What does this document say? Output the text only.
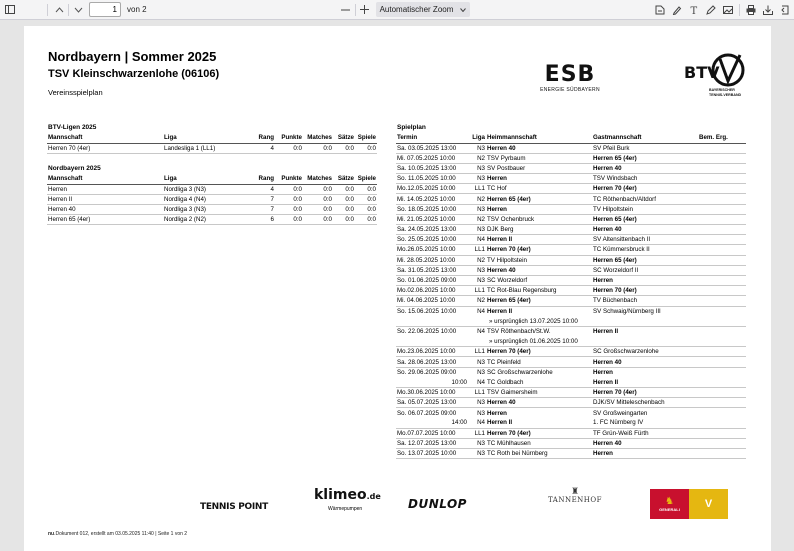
1
von 2	Automatischer Zoom	T
Nordbayern | Sommer 2025
TSV Kleinschwarzenlohe (06106)
Vereinsspielplan
ESB
ENERGIE SÜDBAYERN
BTV
BAYERISCHER
TENNIS-VERBAND
BTV-Ligen 2025
Mannschaft	Liga	Rang	Punkte	Matches	Sätze	Spiele
Herren 70 (4er)	Landesliga 1 (LL1)	4	0:0	0:0	0:0	0:0
Nordbayern 2025
Mannschaft	Liga	Rang	Punkte	Matches	Sätze	Spiele
Herren	Nordliga 3 (N3)	4	0:0	0:0	0:0	0:0
Herren II	Nordliga 4 (N4)	7	0:0	0:0	0:0	0:0
Herren 40	Nordliga 3 (N3)	7	0:0	0:0	0:0	0:0
Herren 65 (4er)	Nordliga 2 (N2)	6	0:0	0:0	0:0	0:0
Spielplan
Termin	Liga	Heimmannschaft	Gastmannschaft	Bem. Erg.
Sa. 03.05.2025 13:00	N3	Herren 40	SV Pfeil Burk	
Mi. 07.05.2025 10:00	N2	TSV Pyrbaum	Herren 65 (4er)	
Sa. 10.05.2025 13:00	N3	SV Postbauer	Herren 40	
So. 11.05.2025 10:00	N3	Herren	TSV Windsbach	
Mo.12.05.2025 10:00	LL1	TC Hof	Herren 70 (4er)	
Mi. 14.05.2025 10:00	N2	Herren 65 (4er)	TC Röthenbach/Altdorf	
So. 18.05.2025 10:00	N3	Herren	TV Hilpoltstein	
Mi. 21.05.2025 10:00	N2	TSV Ochenbruck	Herren 65 (4er)	
Sa. 24.05.2025 13:00	N3	DJK Berg	Herren 40	
So. 25.05.2025 10:00	N4	Herren II	SV Altensittenbach II	
Mo.26.05.2025 10:00	LL1	Herren 70 (4er)	TC Kümmersbruck II	
Mi. 28.05.2025 10:00	N2	TV Hilpoltstein	Herren 65 (4er)	
Sa. 31.05.2025 13:00	N3	Herren 40	SC Worzeldorf II	
So. 01.06.2025 09:00	N3	SC Worzeldorf	Herren	
Mo.02.06.2025 10:00	LL1	TC Rot-Blau Regensburg	Herren 70 (4er)	
Mi. 04.06.2025 10:00	N2	Herren 65 (4er)	TV Büchenbach	
So. 15.06.2025 10:00	N4	Herren II	SV Schwaig/Nürnberg III	
		» ursprünglich 13.07.2025 10:00		
So. 22.06.2025 10:00	N4	TSV Röthenbach/St.W.	Herren II	
		» ursprünglich 01.06.2025 10:00		
Mo.23.06.2025 10:00	LL1	Herren 70 (4er)	SC Großschwarzenlohe	
Sa. 28.06.2025 13:00	N3	TC Pleinfeld	Herren 40	
So. 29.06.2025 09:00	N3	SC Großschwarzenlohe	Herren	
10:00	N4	TC Goldbach	Herren II	
Mo.30.06.2025 10:00	LL1	TSV Gaimersheim	Herren 70 (4er)	
Sa. 05.07.2025 13:00	N3	Herren 40	DJK/SV Mitteleschenbach	
So. 06.07.2025 09:00	N3	Herren	SV Großweingarten	
14:00	N4	Herren II	1. FC Nürnberg IV	
Mo.07.07.2025 10:00	LL1	Herren 70 (4er)	TF Grün-Weiß Fürth	
Sa. 12.07.2025 13:00	N3	TC Mühlhausen	Herren 40	
So. 13.07.2025 10:00	N3	TC Roth bei Nürnberg	Herren	
TENNIS POINT
klimeo.de
Wärmepumpen	DUNLOP
♜
TANNENHOF	♞
GENERALI	V
nu.Dokument 012, erstellt am 03.05.2025 11:40 | Seite 1 von 2
